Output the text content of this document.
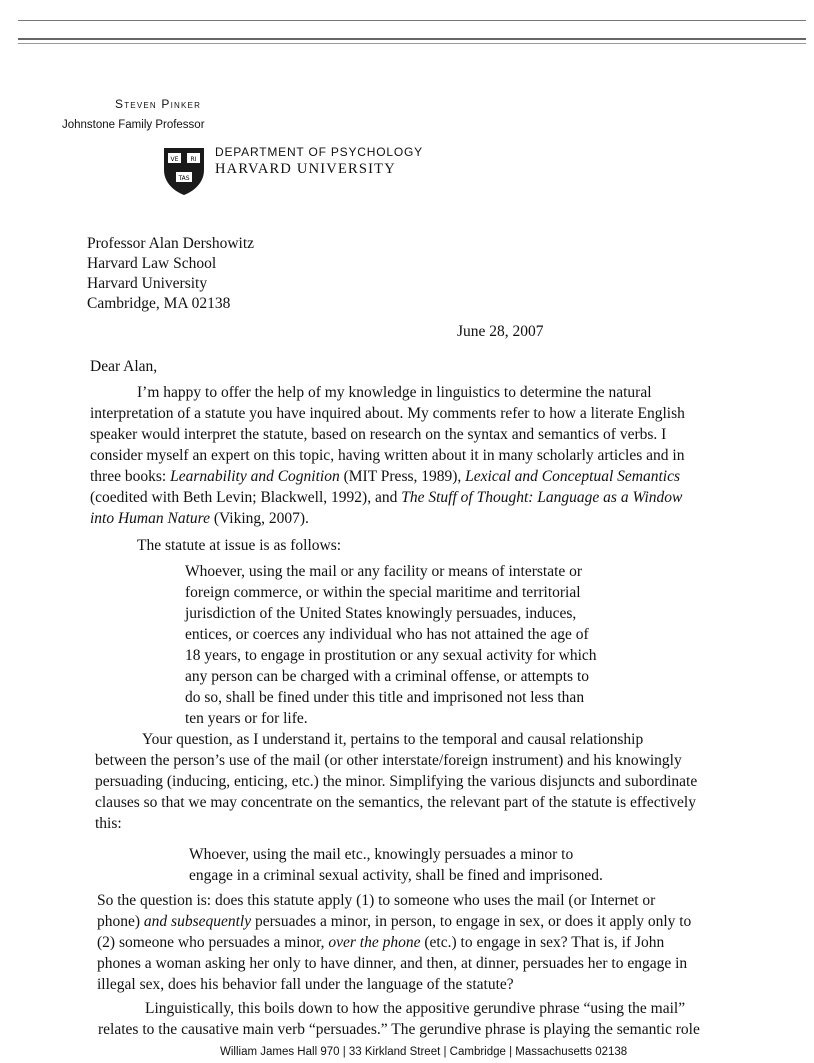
Steven Pinker
Johnstone Family Professor
VE RI
TAS
DEPARTMENT OF PSYCHOLOGY
HARVARD UNIVERSITY
Professor Alan Dershowitz
Harvard Law School
Harvard University
Cambridge, MA 02138
June 28, 2007
Dear Alan,
I’m happy to offer the help of my knowledge in linguistics to determine the natural
interpretation of a statute you have inquired about. My comments refer to how a literate English
speaker would interpret the statute, based on research on the syntax and semantics of verbs. I
consider myself an expert on this topic, having written about it in many scholarly articles and in
three books: Learnability and Cognition (MIT Press, 1989), Lexical and Conceptual Semantics
(coedited with Beth Levin; Blackwell, 1992), and The Stuff of Thought: Language as a Window
into Human Nature (Viking, 2007).
The statute at issue is as follows:
Whoever, using the mail or any facility or means of interstate or
foreign commerce, or within the special maritime and territorial
jurisdiction of the United States knowingly persuades, induces,
entices, or coerces any individual who has not attained the age of
18 years, to engage in prostitution or any sexual activity for which
any person can be charged with a criminal offense, or attempts to
do so, shall be fined under this title and imprisoned not less than
ten years or for life.
Your question, as I understand it, pertains to the temporal and causal relationship
between the person’s use of the mail (or other interstate/foreign instrument) and his knowingly
persuading (inducing, enticing, etc.) the minor. Simplifying the various disjuncts and subordinate
clauses so that we may concentrate on the semantics, the relevant part of the statute is effectively
this:
Whoever, using the mail etc., knowingly persuades a minor to
engage in a criminal sexual activity, shall be fined and imprisoned.
So the question is: does this statute apply (1) to someone who uses the mail (or Internet or
phone) and subsequently persuades a minor, in person, to engage in sex, or does it apply only to
(2) someone who persuades a minor, over the phone (etc.) to engage in sex? That is, if John
phones a woman asking her only to have dinner, and then, at dinner, persuades her to engage in
illegal sex, does his behavior fall under the language of the statute?
Linguistically, this boils down to how the appositive gerundive phrase “using the mail”
relates to the causative main verb “persuades.” The gerundive phrase is playing the semantic role
William James Hall 970 | 33 Kirkland Street | Cambridge | Massachusetts 02138
